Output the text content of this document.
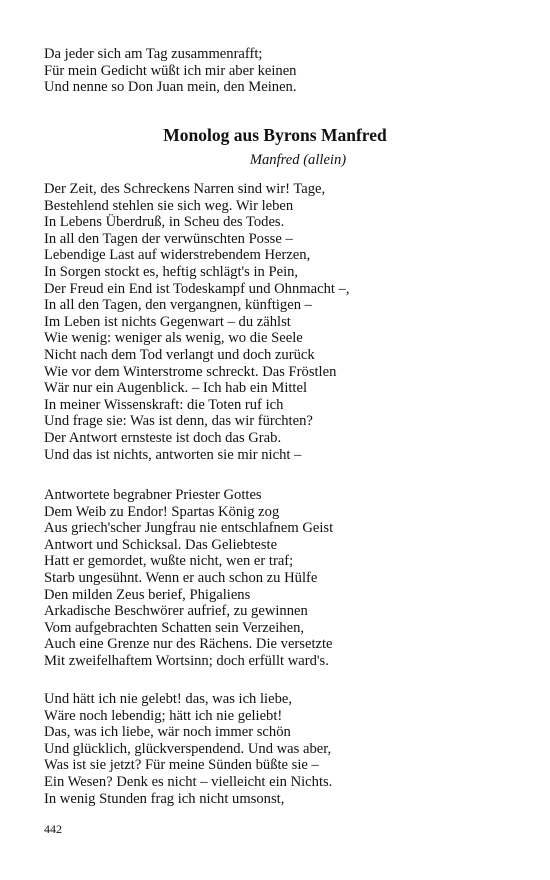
Da jeder sich am Tag zusammenrafft;
Für mein Gedicht wüßt ich mir aber keinen
Und nenne so Don Juan mein, den Meinen.
Monolog aus Byrons Manfred
Manfred (allein)
Der Zeit, des Schreckens Narren sind wir! Tage,
Bestehlend stehlen sie sich weg. Wir leben
In Lebens Überdruß, in Scheu des Todes.
In all den Tagen der verwünschten Posse –
Lebendige Last auf widerstrebendem Herzen,
In Sorgen stockt es, heftig schlägt's in Pein,
Der Freud ein End ist Todeskampf und Ohnmacht –,
In all den Tagen, den vergangnen, künftigen –
Im Leben ist nichts Gegenwart – du zählst
Wie wenig: weniger als wenig, wo die Seele
Nicht nach dem Tod verlangt und doch zurück
Wie vor dem Winterstrome schreckt. Das Fröstlen
Wär nur ein Augenblick. – Ich hab ein Mittel
In meiner Wissenskraft: die Toten ruf ich
Und frage sie: Was ist denn, das wir fürchten?
Der Antwort ernsteste ist doch das Grab.
Und das ist nichts, antworten sie mir nicht –
Antwortete begrabner Priester Gottes
Dem Weib zu Endor! Spartas König zog
Aus griech'scher Jungfrau nie entschlafnem Geist
Antwort und Schicksal. Das Geliebteste
Hatt er gemordet, wußte nicht, wen er traf;
Starb ungesühnt. Wenn er auch schon zu Hülfe
Den milden Zeus berief, Phigaliens
Arkadische Beschwörer aufrief, zu gewinnen
Vom aufgebrachten Schatten sein Verzeihen,
Auch eine Grenze nur des Rächens. Die versetzte
Mit zweifelhaftem Wortsinn; doch erfüllt ward's.
Und hätt ich nie gelebt! das, was ich liebe,
Wäre noch lebendig; hätt ich nie geliebt!
Das, was ich liebe, wär noch immer schön
Und glücklich, glückverspendend. Und was aber,
Was ist sie jetzt? Für meine Sünden büßte sie –
Ein Wesen? Denk es nicht – vielleicht ein Nichts.
In wenig Stunden frag ich nicht umsonst,
442
